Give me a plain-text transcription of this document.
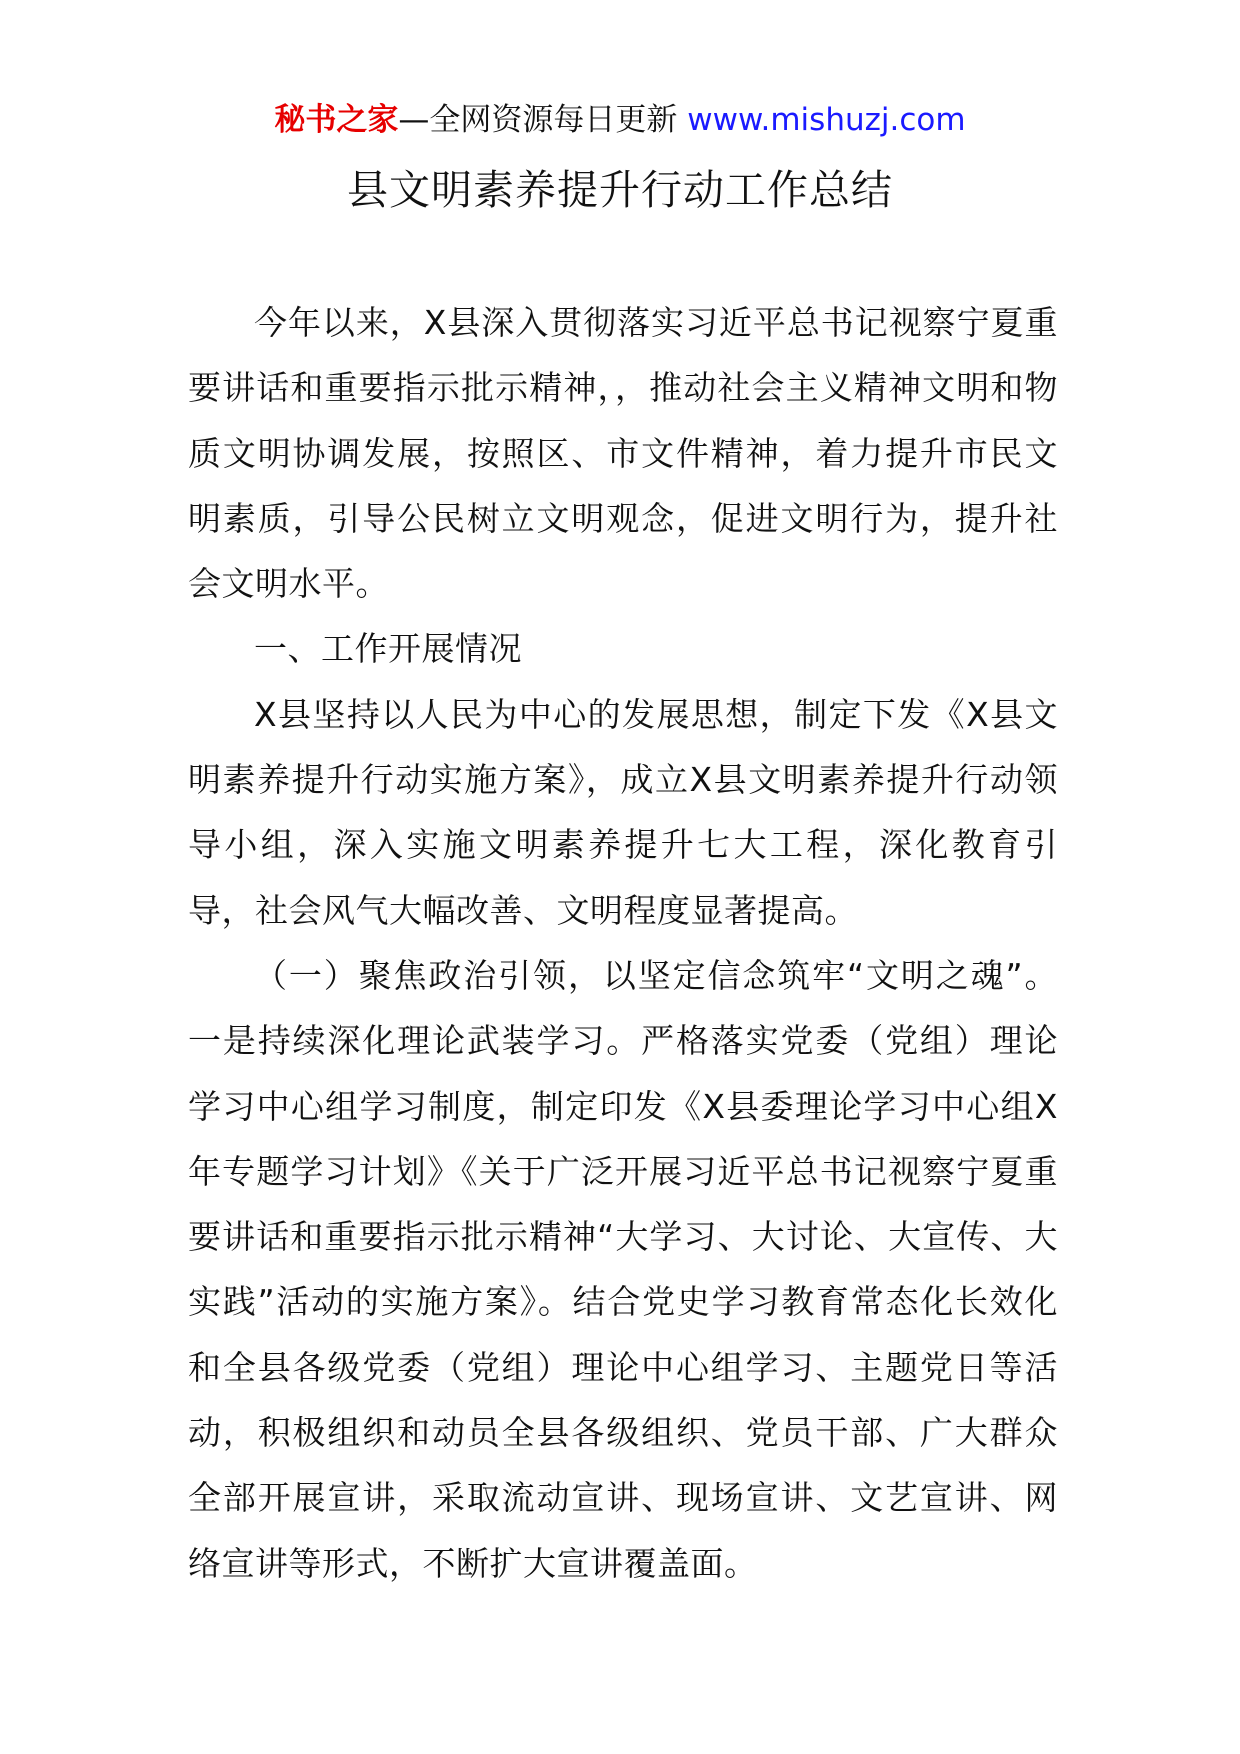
秘书之家—全网资源每日更新 www.mishuzj.com
县文明素养提升行动工作总结

今年以来，X县深入贯彻落实习近平总书记视察宁夏重要讲话和重要指示批示精神，，推动社会主义精神文明和物质文明协调发展，按照区、市文件精神，着力提升市民文明素质，引导公民树立文明观念，促进文明行为，提升社会文明水平。

一、工作开展情况

X县坚持以人民为中心的发展思想，制定下发《X县文明素养提升行动实施方案》，成立X县文明素养提升行动领导小组，深入实施文明素养提升七大工程，深化教育引导，社会风气大幅改善、文明程度显著提高。

（一）聚焦政治引领，以坚定信念筑牢“文明之魂”。一是持续深化理论武装学习。严格落实党委（党组）理论学习中心组学习制度，制定印发《X县委理论学习中心组X年专题学习计划》《关于广泛开展习近平总书记视察宁夏重要讲话和重要指示批示精神“大学习、大讨论、大宣传、大实践”活动的实施方案》。结合党史学习教育常态化长效化和全县各级党委（党组）理论中心组学习、主题党日等活动，积极组织和动员全县各级组织、党员干部、广大群众全部开展宣讲，采取流动宣讲、现场宣讲、文艺宣讲、网络宣讲等形式，不断扩大宣讲覆盖面。
